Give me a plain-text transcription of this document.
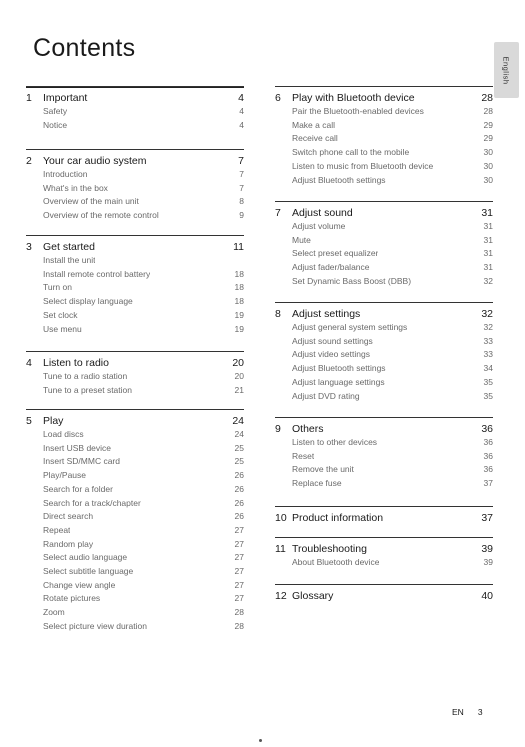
Contents
English
EN 3
1 Important	4
Safety	4
Notice	4
2 Your car audio system	7
Introduction	7
What's in the box	7
Overview of the main unit	8
Overview of the remote control	9
3 Get started	11
Install the unit
Install remote control battery	18
Turn on	18
Select display language	18
Set clock	19
Use menu	19
4 Listen to radio	20
Tune to a radio station	20
Tune to a preset station	21
5 Play	24
Load discs	24
Insert USB device	25
Insert SD/MMC card	25
Play/Pause	26
Search for a folder	26
Search for a track/chapter	26
Direct search	26
Repeat	27
Random play	27
Select audio language	27
Select subtitle language	27
Change view angle	27
Rotate pictures	27
Zoom	28
Select picture view duration	28
6 Play with Bluetooth device	28
Pair the Bluetooth-enabled devices	28
Make a call	29
Receive call	29
Switch phone call to the mobile	30
Listen to music from Bluetooth device	30
Adjust Bluetooth settings	30
7 Adjust sound	31
Adjust volume	31
Mute	31
Select preset equalizer	31
Adjust fader/balance	31
Set Dynamic Bass Boost (DBB)	32
8 Adjust settings	32
Adjust general system settings	32
Adjust sound settings	33
Adjust video settings	33
Adjust Bluetooth settings	34
Adjust language settings	35
Adjust DVD rating	35
9 Others	36
Listen to other devices	36
Reset	36
Remove the unit	36
Replace fuse	37
10 Product information	37
11 Troubleshooting	39
About Bluetooth device	39
12 Glossary	40
